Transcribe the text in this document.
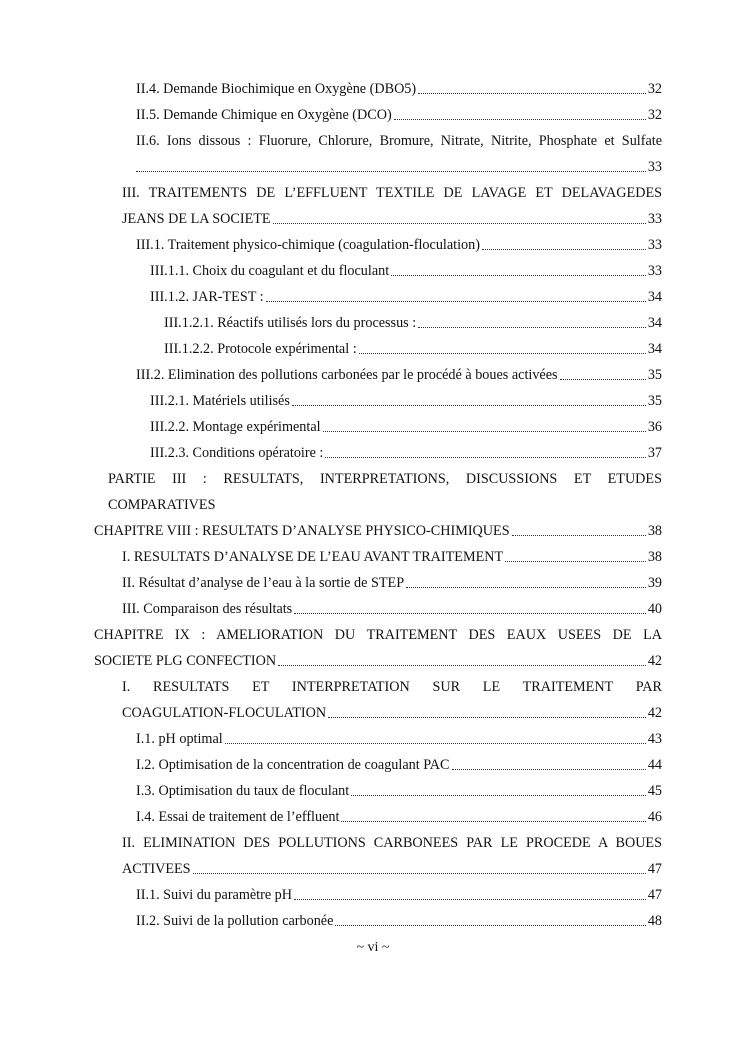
II.4. Demande Biochimique en Oxygène (DBO5)	32
II.5. Demande Chimique en Oxygène (DCO)	32
II.6. Ions dissous : Fluorure, Chlorure, Bromure, Nitrate, Nitrite, Phosphate et Sulfate
33
III. TRAITEMENTS DE L’EFFLUENT TEXTILE DE LAVAGE ET DELAVAGEDES
JEANS DE LA SOCIETE	33
III.1. Traitement physico-chimique (coagulation-floculation)	33
III.1.1. Choix du coagulant et du floculant	33
III.1.2. JAR-TEST :	34
III.1.2.1. Réactifs utilisés lors du processus :	34
III.1.2.2. Protocole expérimental :	34
III.2. Elimination des pollutions carbonées par le procédé à boues activées	35
III.2.1. Matériels utilisés	35
III.2.2. Montage expérimental	36
III.2.3. Conditions opératoire :	37
PARTIE III : RESULTATS, INTERPRETATIONS, DISCUSSIONS ET ETUDES
COMPARATIVES
CHAPITRE VIII : RESULTATS D’ANALYSE PHYSICO-CHIMIQUES	38
I. RESULTATS D’ANALYSE DE L’EAU AVANT TRAITEMENT	38
II. Résultat d’analyse de l’eau à la sortie de STEP	39
III. Comparaison des résultats	40
CHAPITRE IX : AMELIORATION DU TRAITEMENT DES EAUX USEES DE LA
SOCIETE PLG CONFECTION	42
I. RESULTATS ET INTERPRETATION SUR LE TRAITEMENT PAR
COAGULATION-FLOCULATION	42
I.1. pH optimal	43
I.2. Optimisation de la concentration de coagulant PAC	44
I.3. Optimisation du taux de floculant	45
I.4. Essai de traitement de l’effluent	46
II. ELIMINATION DES POLLUTIONS CARBONEES PAR LE PROCEDE A BOUES
ACTIVEES	47
II.1. Suivi du paramètre pH	47
II.2. Suivi de la pollution carbonée	48
~ vi ~
